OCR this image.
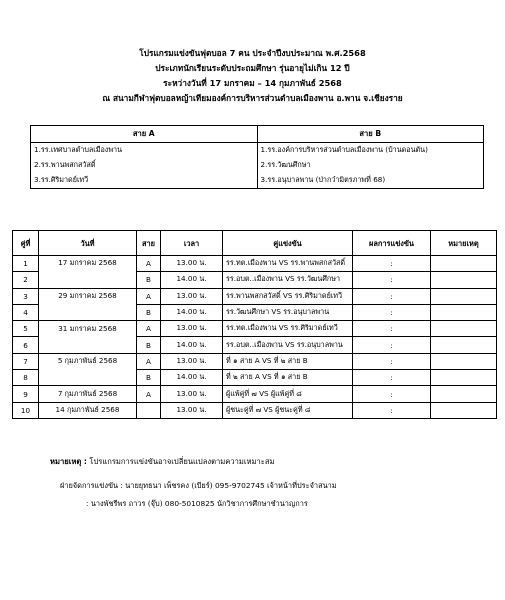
โปรแกรมแข่งขันฟุตบอล 7 คน ประจำปีงบประมาณ พ.ศ.2568
ประเภทนักเรียนระดับประถมศึกษา รุ่นอายุไม่เกิน 12 ปี
ระหว่างวันที่ 17 มกราคม – 14 กุมภาพันธ์ 2568
ณ สนามกีฬาฟุตบอลหญ้าเทียมองค์การบริหารส่วนตำบลเมืองพาน อ.พาน จ.เชียงราย
สาย A	สาย B
1.รร.เทศบาลตำบลเมืองพาน	1.รร.องค์การบริหารส่วนตำบลเมืองพาน (บ้านดอนตัน)
2.รร.พานพสกสวัสดิ์	2.รร.วัฒนศึกษา
3.รร.ศิริมาดย์เทวี	3.รร.อนุบาลพาน (ป่ากว๋ามิตรภาพที่ 68)
คู่ที่	วันที่	สาย	เวลา	คู่แข่งขัน	ผลการแข่งขัน	หมายเหตุ
1	17 มกราคม 2568	A	13.00 น.	รร.ทต.เมืองพาน VS รร.พานพสกสวัสดิ์	:	
2		B	14.00 น.	รร.อบต..เมืองพาน VS รร.วัฒนศึกษา	:	
3	29 มกราคม 2568	A	13.00 น.	รร.พานพสกสวัสดิ์ VS รร.ศิริมาดย์เทวี	:	
4		B	14.00 น.	รร.วัฒนศึกษา VS รร.อนุบาลพาน	:	
5	31 มกราคม 2568	A	13.00 น.	รร.ทต.เมืองพาน VS รร.ศิริมาดย์เทวี	:	
6		B	14.00 น.	รร.อบต..เมืองพาน VS รร.อนุบาลพาน	:	
7	5 กุมภาพันธ์ 2568	A	13.00 น.	ที่ ๑ สาย A VS ที่ ๒ สาย B	:	
8		B	14.00 น.	ที่ ๒ สาย A VS ที่ ๑ สาย B	:	
9	7 กุมภาพันธ์ 2568	A	13.00 น.	ผู้แพ้คู่ที่ ๗ VS ผู้แพ้คู่ที่ ๘	:	
10	14 กุมภาพันธ์ 2568		13.00 น.	ผู้ชนะคู่ที่ ๗ VS ผู้ชนะคู่ที่ ๘	:	
หมายเหตุ : โปรแกรมการแข่งขันอาจเปลี่ยนแปลงตามความเหมาะสม
ฝ่ายจัดการแข่งขัน : นายยุทธนา เพ็ชรคง (เบียร์) 095-9702745 เจ้าหน้าที่ประจำสนาม
: นางพัชรีพร ถาวร (จุ๊บ) 080-5010825 นักวิชาการศึกษาชำนาญการ
